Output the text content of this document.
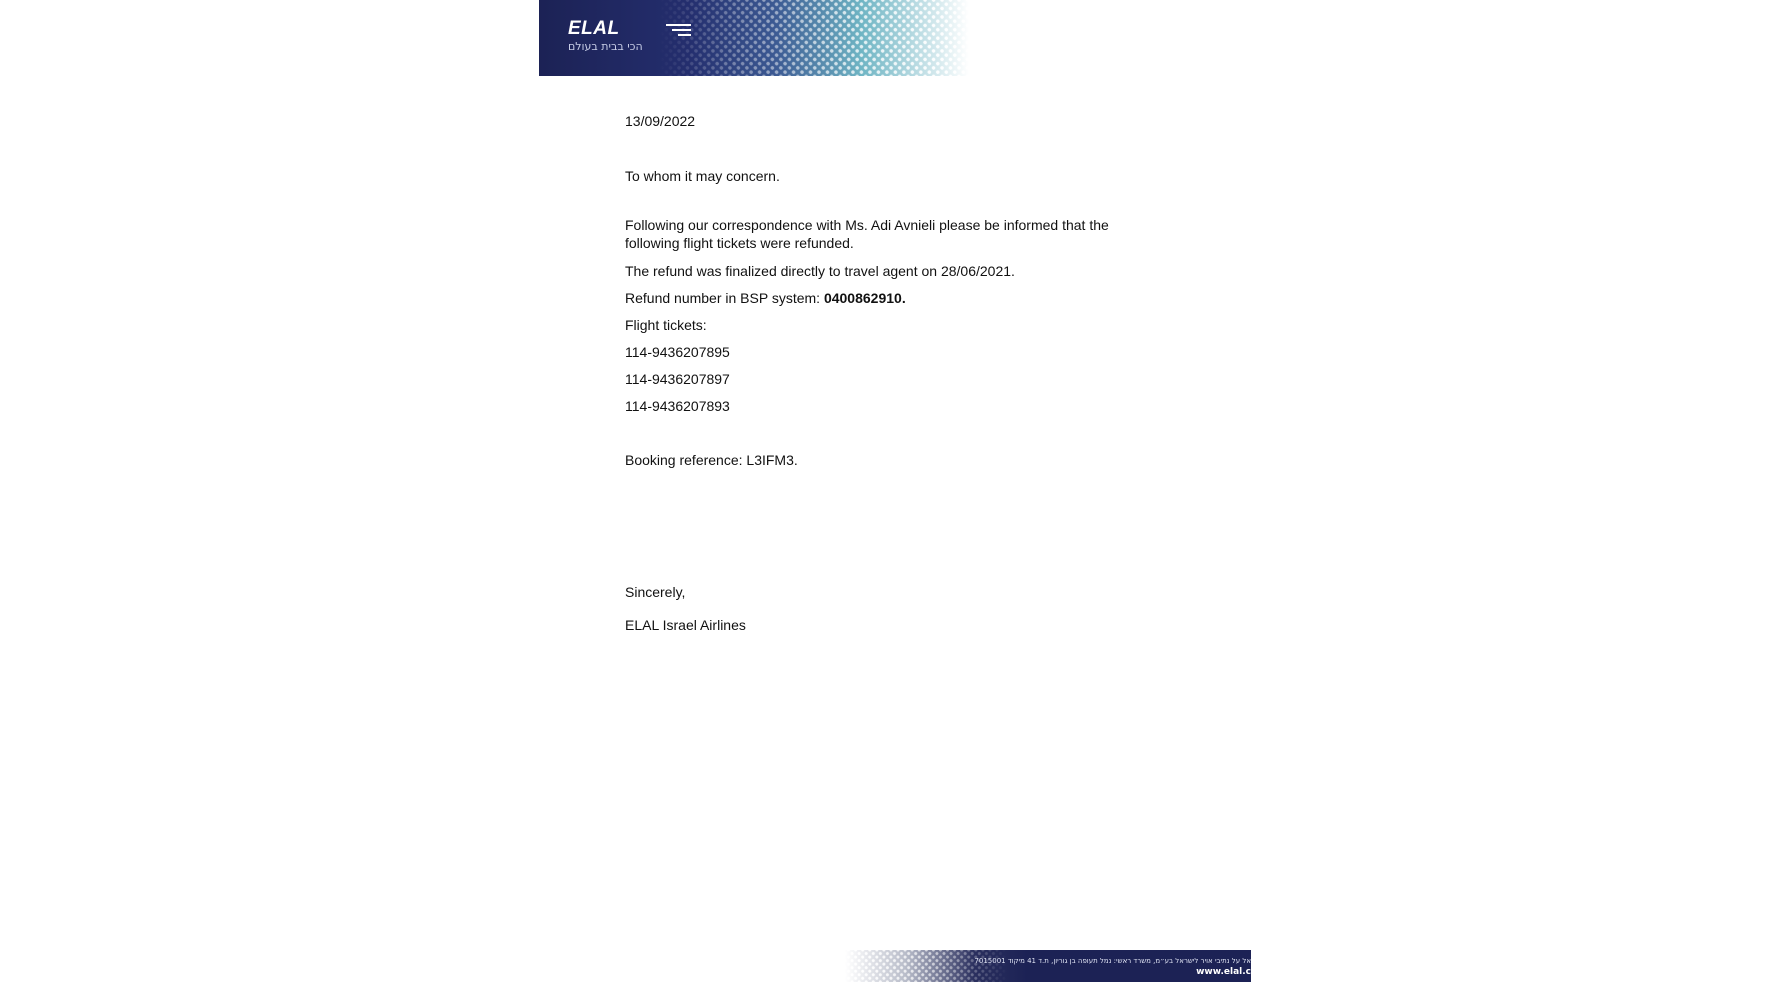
ELAL
הכי בבית בעולם

13/09/2022

To whom it may concern.

Following our correspondence with Ms. Adi Avnieli please be informed that the

following flight tickets were refunded.

The refund was finalized directly to travel agent on 28/06/2021.

Refund number in BSP system: 0400862910.

Flight tickets:

114-9436207895

114-9436207897

114-9436207893

Booking reference: L3IFM3.

Sincerely,

ELAL Israel Airlines

אל על נתיבי אויר לישראל בע״מ, משרד ראשי: נמל תעופה בן גוריון, ת.ד 41 מיקוד 7015001
www.elal.c
